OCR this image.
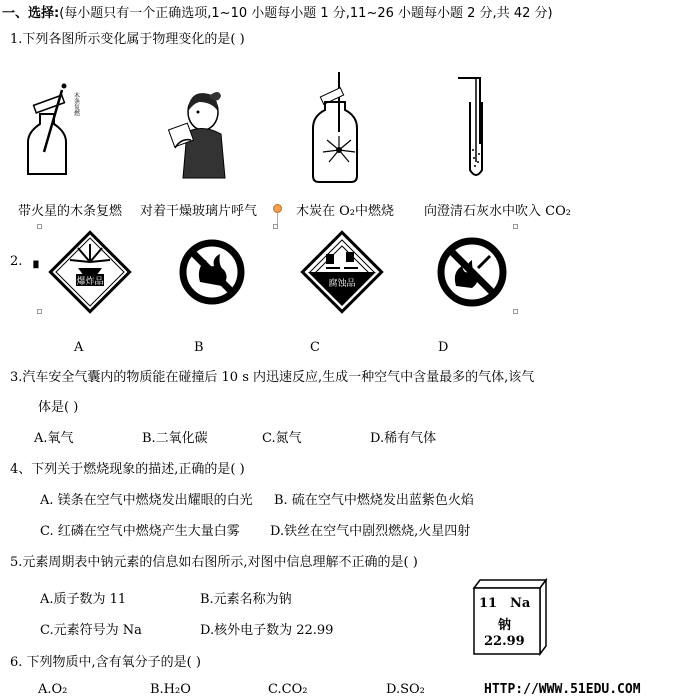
一、选择:(每小题只有一个正确选项,1~10 小题每小题 1 分,11~26 小题每小题 2 分,共 42 分)
1.下列各图所示变化属于物理变化的是( )
木条复燃
带火星的木条复燃 对着干燥玻璃片呼气	木炭在 O₂中燃烧 向澄清石灰水中吹入 CO₂
2. ▗
爆炸品	腐蚀品
A	B	C	D
3.汽车安全气囊内的物质能在碰撞后 10 s 内迅速反应,生成一种空气中含量最多的气体,该气
体是( )
A.氧气	B.二氧化碳	C.氮气	D.稀有气体
4、下列关于燃烧现象的描述,正确的是( )
A. 镁条在空气中燃烧发出耀眼的白光 B. 硫在空气中燃烧发出蓝紫色火焰
C. 红磷在空气中燃烧产生大量白雾 D.铁丝在空气中剧烈燃烧,火星四射
5.元素周期表中钠元素的信息如右图所示,对图中信息理解不正确的是( )
A.质子数为 11	B.元素名称为钠
C.元素符号为 Na	D.核外电子数为 22.99
11 Na
钠
22.99
6. 下列物质中,含有氧分子的是( )
A.O₂	B.H₂O	C.CO₂	D.SO₂	HTTP://WWW.51EDU.COM
